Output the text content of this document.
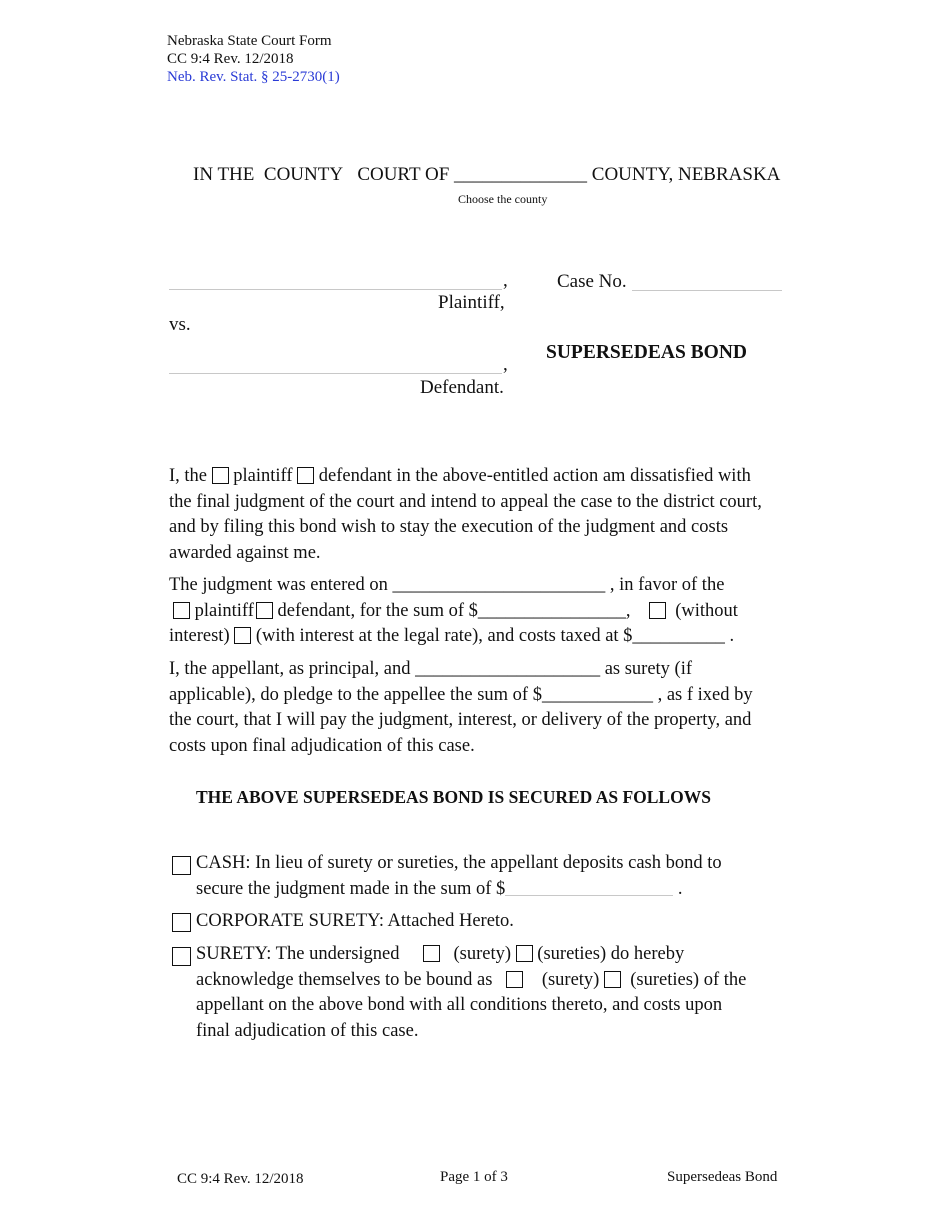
Nebraska State Court Form
CC 9:4 Rev. 12/2018
Neb. Rev. Stat. § 25-2730(1)
IN THE COUNTY COURT OF ______________ COUNTY, NEBRASKA
Choose the county
,
Plaintiff,
Case No.
vs.
,
Defendant.
SUPERSEDEAS BOND
I, the plaintiff defendant in the above-entitled action am dissatisfied with
the final judgment of the court and intend to appeal the case to the district court,
and by filing this bond wish to stay the execution of the judgment and costs
awarded against me.
The judgment was entered on _______________________ , in favor of the
plaintiff defendant, for the sum of $________________, (without
interest) (with interest at the legal rate), and costs taxed at $__________ .
I, the appellant, as principal, and ____________________ as surety (if
applicable), do pledge to the appellee the sum of $____________ , as f ixed by
the court, that I will pay the judgment, interest, or delivery of the property, and
costs upon final adjudication of this case.
THE ABOVE SUPERSEDEAS BOND IS SECURED AS FOLLOWS
CASH: In lieu of surety or sureties, the appellant deposits cash bond to
secure the judgment made in the sum of $	.
CORPORATE SURETY: Attached Hereto.
SURETY: The undersigned	(surety) (sureties) do hereby
acknowledge themselves to be bound as	(surety) (sureties) of the
appellant on the above bond with all conditions thereto, and costs upon
final adjudication of this case.
CC 9:4 Rev. 12/2018	Page 1 of 3	Supersedeas Bond
